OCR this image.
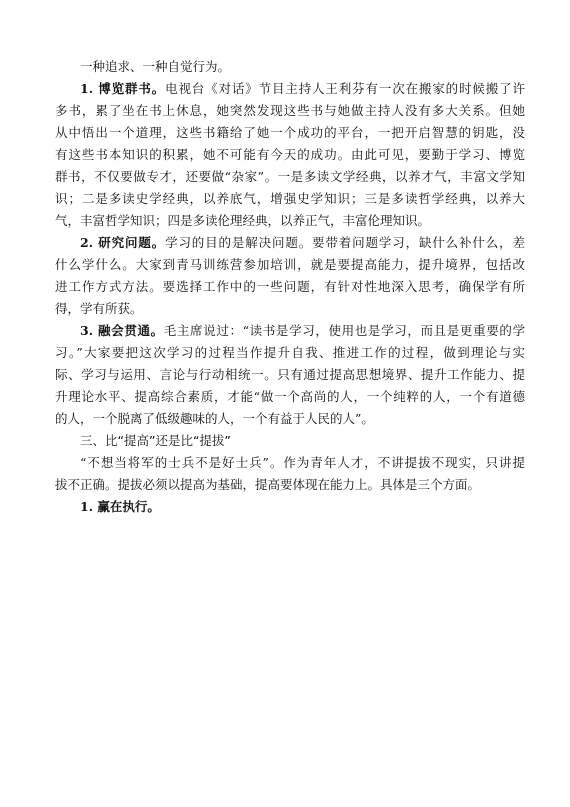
一种追求、一种自觉行为。
1. 博览群书。电视台《对话》节目主持人王利芬有一次在搬家的时候搬了许
多书，累了坐在书上休息，她突然发现这些书与她做主持人没有多大关系。但她
从中悟出一个道理，这些书籍给了她一个成功的平台，一把开启智慧的钥匙，没
有这些书本知识的积累，她不可能有今天的成功。由此可见，要勤于学习、博览
群书，不仅要做专才，还要做“杂家”。一是多读文学经典，以养才气，丰富文学知
识；二是多读史学经典，以养底气，增强史学知识；三是多读哲学经典，以养大
气，丰富哲学知识；四是多读伦理经典，以养正气，丰富伦理知识。
2. 研究问题。学习的目的是解决问题。要带着问题学习，缺什么补什么，差
什么学什么。大家到青马训练营参加培训，就是要提高能力，提升境界，包括改
进工作方式方法。要选择工作中的一些问题，有针对性地深入思考，确保学有所
得，学有所获。
3. 融会贯通。毛主席说过：“读书是学习，使用也是学习，而且是更重要的学
习。”大家要把这次学习的过程当作提升自我、推进工作的过程，做到理论与实
际、学习与运用、言论与行动相统一。只有通过提高思想境界、提升工作能力、提
升理论水平、提高综合素质，才能“做一个高尚的人，一个纯粹的人，一个有道德
的人，一个脱离了低级趣味的人，一个有益于人民的人”。
三、比“提高”还是比“提拔”
“不想当将军的士兵不是好士兵”。作为青年人才，不讲提拔不现实，只讲提
拔不正确。提拔必须以提高为基础，提高要体现在能力上。具体是三个方面。
1. 赢在执行。
